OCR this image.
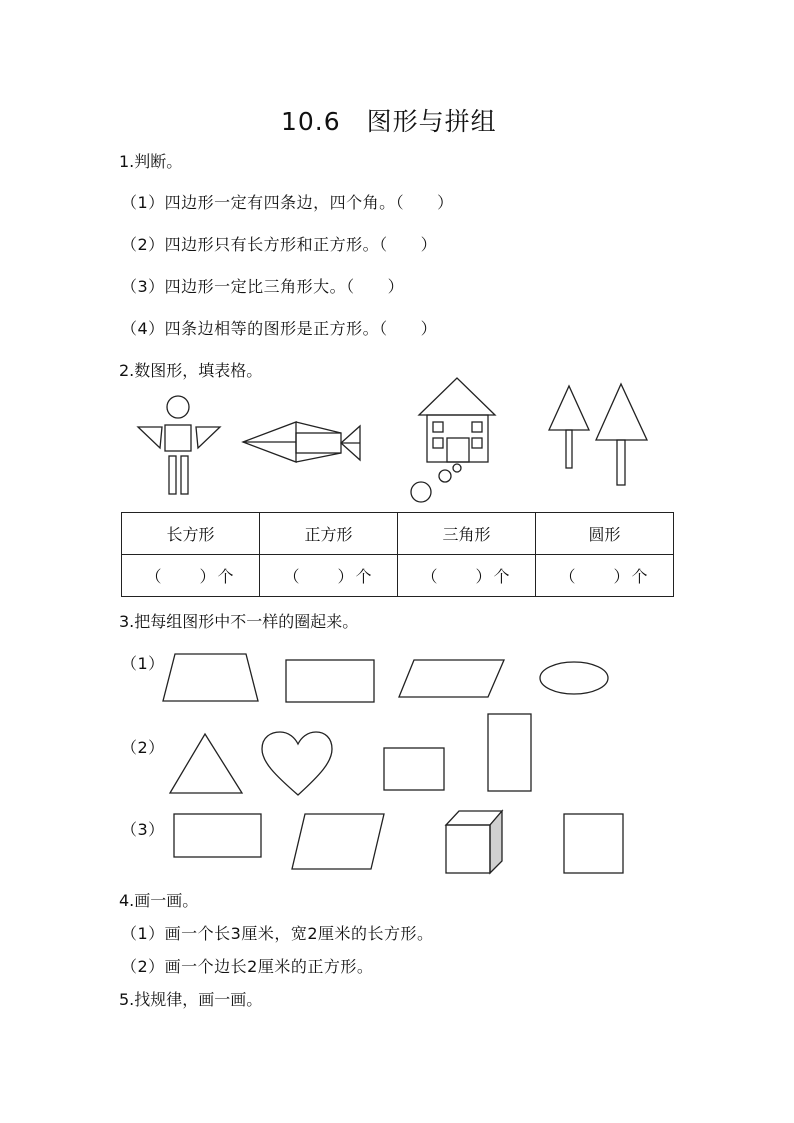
10.6　图形与拼组
1.判断。
（1）四边形一定有四条边，四个角。（　　）
（2）四边形只有长方形和正方形。（　　）
（3）四边形一定比三角形大。（　　）
（4）四条边相等的图形是正方形。（　　）
2.数图形，填表格。
长方形	正方形	三角形	圆形
（　　）个	（　　）个	（　　）个	（　　）个
3.把每组图形中不一样的圈起来。
（1）
（2）
（3）
4.画一画。
（1）画一个长3厘米，宽2厘米的长方形。
（2）画一个边长2厘米的正方形。
5.找规律，画一画。
